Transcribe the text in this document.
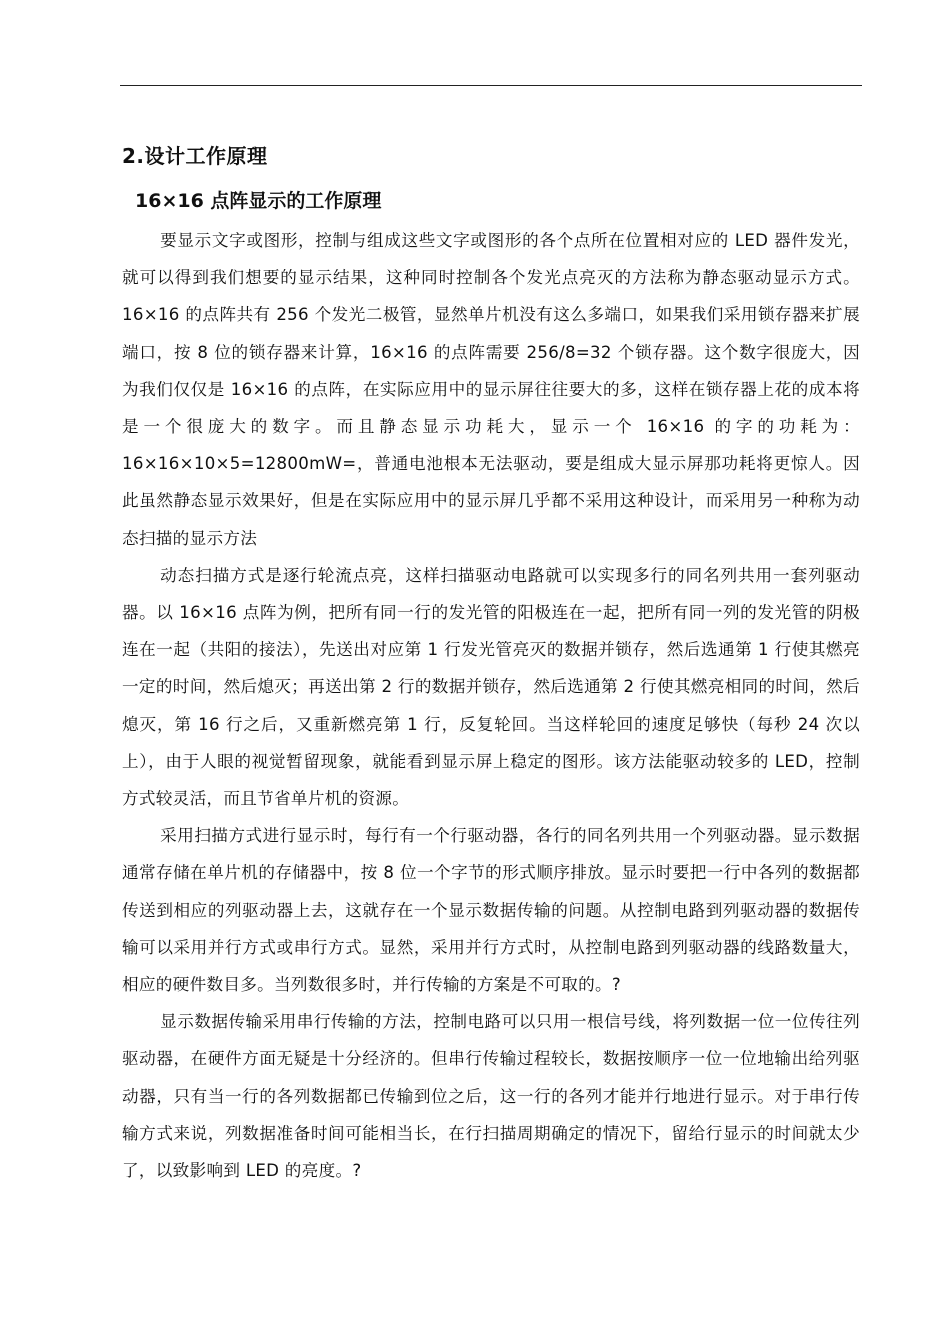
2.设计工作原理
16×16 点阵显示的工作原理

要显示文字或图形，控制与组成这些文字或图形的各个点所在位置相对应的 LED 器件发光，就可以得到我们想要的显示结果，这种同时控制各个发光点亮灭的方法称为静态驱动显示方式。16×16 的点阵共有 256 个发光二极管，显然单片机没有这么多端口，如果我们采用锁存器来扩展端口，按 8 位的锁存器来计算，16×16 的点阵需要 256/8=32 个锁存器。这个数字很庞大，因为我们仅仅是 16×16 的点阵，在实际应用中的显示屏往往要大的多，这样在锁存器上花的成本将是一个很庞大的数字。而且静态显示功耗大，显示一个 16×16 的字的功耗为：16×16×10×5=12800mW=，普通电池根本无法驱动，要是组成大显示屏那功耗将更惊人。因此虽然静态显示效果好，但是在实际应用中的显示屏几乎都不采用这种设计，而采用另一种称为动态扫描的显示方法

动态扫描方式是逐行轮流点亮，这样扫描驱动电路就可以实现多行的同名列共用一套列驱动器。以 16×16 点阵为例，把所有同一行的发光管的阳极连在一起，把所有同一列的发光管的阴极连在一起（共阳的接法），先送出对应第 1 行发光管亮灭的数据并锁存，然后选通第 1 行使其燃亮一定的时间，然后熄灭；再送出第 2 行的数据并锁存，然后选通第 2 行使其燃亮相同的时间，然后熄灭，第 16 行之后，又重新燃亮第 1 行，反复轮回。当这样轮回的速度足够快（每秒 24 次以上），由于人眼的视觉暂留现象，就能看到显示屏上稳定的图形。该方法能驱动较多的 LED，控制方式较灵活，而且节省单片机的资源。

采用扫描方式进行显示时，每行有一个行驱动器，各行的同名列共用一个列驱动器。显示数据通常存储在单片机的存储器中，按 8 位一个字节的形式顺序排放。显示时要把一行中各列的数据都传送到相应的列驱动器上去，这就存在一个显示数据传输的问题。从控制电路到列驱动器的数据传输可以采用并行方式或串行方式。显然，采用并行方式时，从控制电路到列驱动器的线路数量大，相应的硬件数目多。当列数很多时，并行传输的方案是不可取的。?

显示数据传输采用串行传输的方法，控制电路可以只用一根信号线，将列数据一位一位传往列驱动器，在硬件方面无疑是十分经济的。但串行传输过程较长，数据按顺序一位一位地输出给列驱动器，只有当一行的各列数据都已传输到位之后，这一行的各列才能并行地进行显示。对于串行传输方式来说，列数据准备时间可能相当长，在行扫描周期确定的情况下，留给行显示的时间就太少了，以致影响到 LED 的亮度。?
